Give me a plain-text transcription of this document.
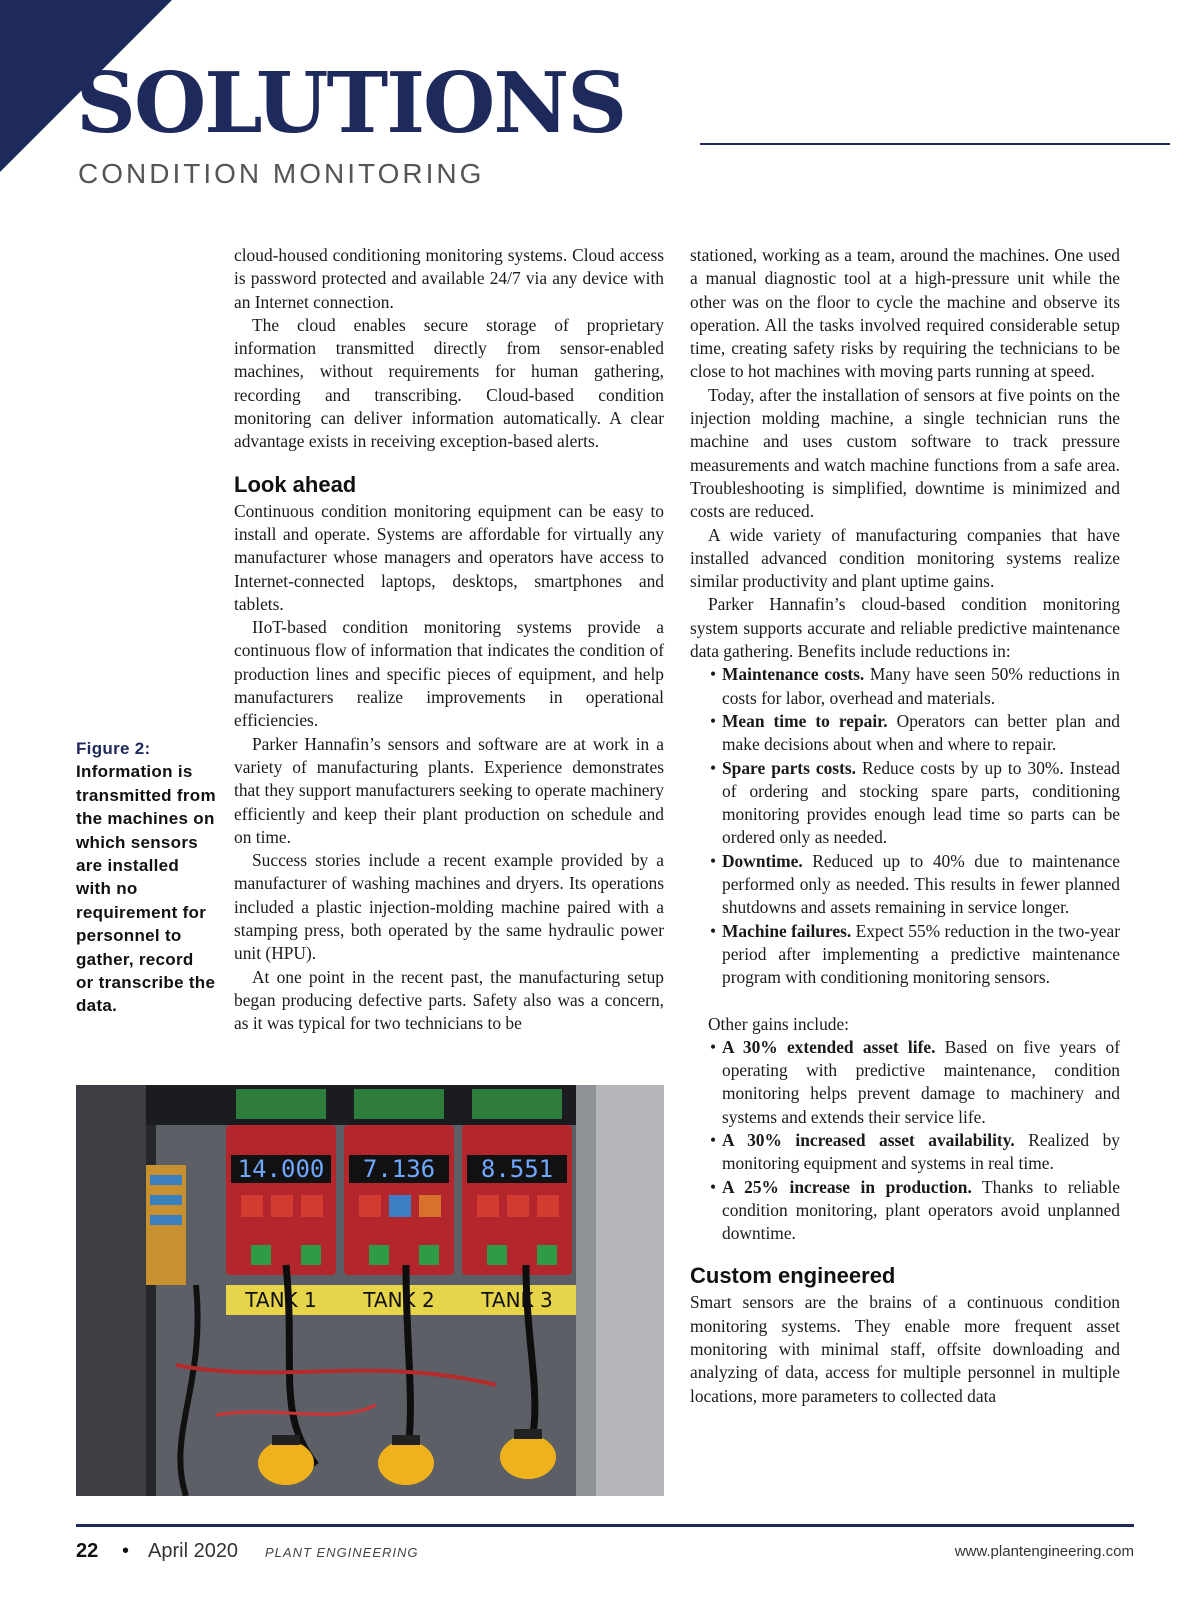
SOLUTIONS
CONDITION MONITORING

cloud-housed conditioning monitoring systems. Cloud access is password protected and available 24/7 via any device with an Internet connection.

The cloud enables secure storage of proprietary information transmitted directly from sensor-enabled machines, without requirements for human gathering, recording and transcribing. Cloud-based condition monitoring can deliver information automatically. A clear advantage exists in receiving exception-based alerts.

Look ahead

Continuous condition monitoring equipment can be easy to install and operate. Systems are affordable for virtually any manufacturer whose managers and operators have access to Internet-connected laptops, desktops, smartphones and tablets.

IIoT-based condition monitoring systems provide a continuous flow of information that indicates the condition of production lines and specific pieces of equipment, and help manufacturers realize improvements in operational efficiencies.

Parker Hannafin’s sensors and software are at work in a variety of manufacturing plants. Experience demonstrates that they support manufacturers seeking to operate machinery efficiently and keep their plant production on schedule and on time.

Success stories include a recent example provided by a manufacturer of washing machines and dryers. Its operations included a plastic injection-molding machine paired with a stamping press, both operated by the same hydraulic power unit (HPU).

At one point in the recent past, the manufacturing setup began producing defective parts. Safety also was a concern, as it was typical for two technicians to be

stationed, working as a team, around the machines. One used a manual diagnostic tool at a high-pressure unit while the other was on the floor to cycle the machine and observe its operation. All the tasks involved required considerable setup time, creating safety risks by requiring the technicians to be close to hot machines with moving parts running at speed.

Today, after the installation of sensors at five points on the injection molding machine, a single technician runs the machine and uses custom software to track pressure measurements and watch machine functions from a safe area. Troubleshooting is simplified, downtime is minimized and costs are reduced.

A wide variety of manufacturing companies that have installed advanced condition monitoring systems realize similar productivity and plant uptime gains.

Parker Hannafin’s cloud-based condition monitoring system supports accurate and reliable predictive maintenance data gathering. Benefits include reductions in:

• Maintenance costs. Many have seen 50% reductions in costs for labor, overhead and materials.
• Mean time to repair. Operators can better plan and make decisions about when and where to repair.
• Spare parts costs. Reduce costs by up to 30%. Instead of ordering and stocking spare parts, conditioning monitoring provides enough lead time so parts can be ordered only as needed.
• Downtime. Reduced up to 40% due to maintenance performed only as needed. This results in fewer planned shutdowns and assets remaining in service longer.
• Machine failures. Expect 55% reduction in the two-year period after implementing a predictive maintenance program with conditioning monitoring sensors.

Other gains include:

• A 30% extended asset life. Based on five years of operating with predictive maintenance, condition monitoring helps prevent damage to machinery and systems and extends their service life.
• A 30% increased asset availability. Realized by monitoring equipment and systems in real time.
• A 25% increase in production. Thanks to reliable condition monitoring, plant operators avoid unplanned downtime.
Custom engineered

Smart sensors are the brains of a continuous condition monitoring systems. They enable more frequent asset monitoring with minimal staff, offsite downloading and analyzing of data, access for multiple personnel in multiple locations, more parameters to collected data

Figure 2:
Information is transmitted from the machines on which sensors are installed with no requirement for personnel to gather, record or transcribe the data.
14.000 7.136 8.551
TANK 1 TANK 2 TANK 3
22 • April 2020 PLANT ENGINEERING	www.plantengineering.com
